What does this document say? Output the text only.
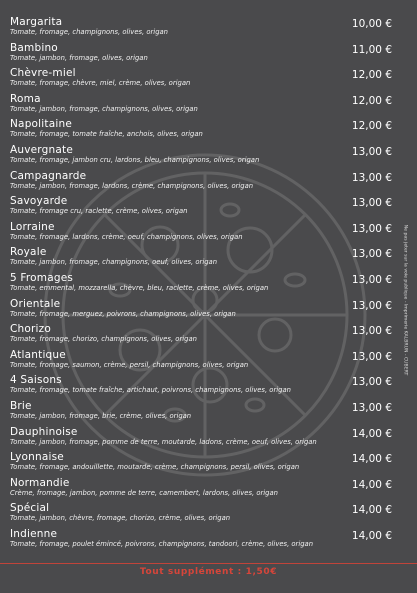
Margarita
Tomate, fromage, champignons, olives, origan
10,00 €
Bambino
Tomate, jambon, fromage, olives, origan
11,00 €
Chèvre-miel
Tomate, fromage, chèvre, miel, crème, olives, origan
12,00 €
Roma
Tomate, jambon, fromage, champignons, olives, origan
12,00 €
Napolitaine
Tomate, fromage, tomate fraîche, anchois, olives, origan
12,00 €
Auvergnate
Tomate, fromage, jambon cru, lardons, bleu, champignons, olives, origan
13,00 €
Campagnarde
Tomate, jambon, fromage, lardons, crème, champignons, olives, origan
13,00 €
Savoyarde
Tomate, fromage cru, raclette, crème, olives, origan
13,00 €
Lorraine
Tomate, fromage, lardons, crème, oeuf, champignons, olives, origan
13,00 €
Royale
Tomate, jambon, fromage, champignons, oeuf, olives, origan
13,00 €
5 Fromages
Tomate, emmental, mozzarella, chèvre, bleu, raclette, crème, olives, origan
13,00 €
Orientale
Tomate, fromage, merguez, poivrons, champignons, olives, origan
13,00 €
Chorizo
Tomate, fromage, chorizo, champignons, olives, origan
13,00 €
Atlantique
Tomate, fromage, saumon, crème, persil, champignons, olives, origan
13,00 €
4 Saisons
Tomate, fromage, tomate fraîche, artichaut, poivrons, champignons, olives, origan
13,00 €
Brie
Tomate, jambon, fromage, brie, crème, olives, origan
13,00 €
Dauphinoise
Tomate, jambon, fromage, pomme de terre, moutarde, ladons, crème, oeuf, olives, origan
14,00 €
Lyonnaise
Tomate, fromage, andouillette, moutarde, crème, champignons, persil, olives, origan
14,00 €
Normandie
Crème, fromage, jambon, pomme de terre, camembert, lardons, olives, origan
14,00 €
Spécial
Tomate, jambon, chèvre, fromage, chorizo, crème, olives, origan
14,00 €
Indienne
Tomate, fromage, poulet émincé, poivrons, champignons, tandoori, crème, olives, origan
14,00 €
Ne pas jeter sur la voie publique - Imprimerie KALBRUN - CUBERT
Tout supplément : 1,50€
